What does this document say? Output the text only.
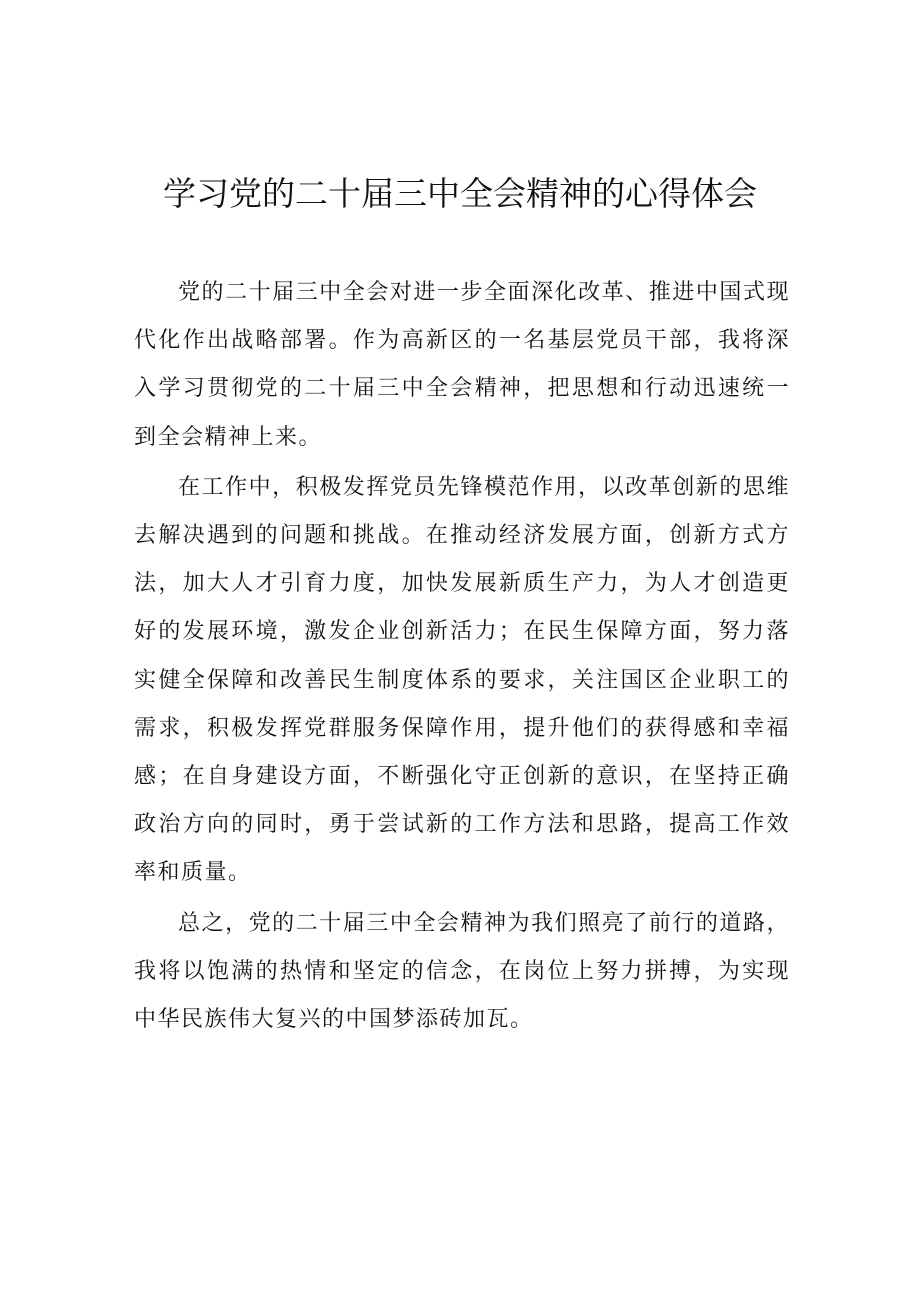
学习党的二十届三中全会精神的心得体会

党的二十届三中全会对进一步全面深化改革、推进中国式现代化作出战略部署。作为高新区的一名基层党员干部，我将深入学习贯彻党的二十届三中全会精神，把思想和行动迅速统一到全会精神上来。

在工作中，积极发挥党员先锋模范作用，以改革创新的思维去解决遇到的问题和挑战。在推动经济发展方面，创新方式方法，加大人才引育力度，加快发展新质生产力，为人才创造更好的发展环境，激发企业创新活力；在民生保障方面，努力落实健全保障和改善民生制度体系的要求，关注国区企业职工的需求，积极发挥党群服务保障作用，提升他们的获得感和幸福感；在自身建设方面，不断强化守正创新的意识，在坚持正确政治方向的同时，勇于尝试新的工作方法和思路，提高工作效率和质量。

总之，党的二十届三中全会精神为我们照亮了前行的道路，我将以饱满的热情和坚定的信念，在岗位上努力拼搏，为实现中华民族伟大复兴的中国梦添砖加瓦。
